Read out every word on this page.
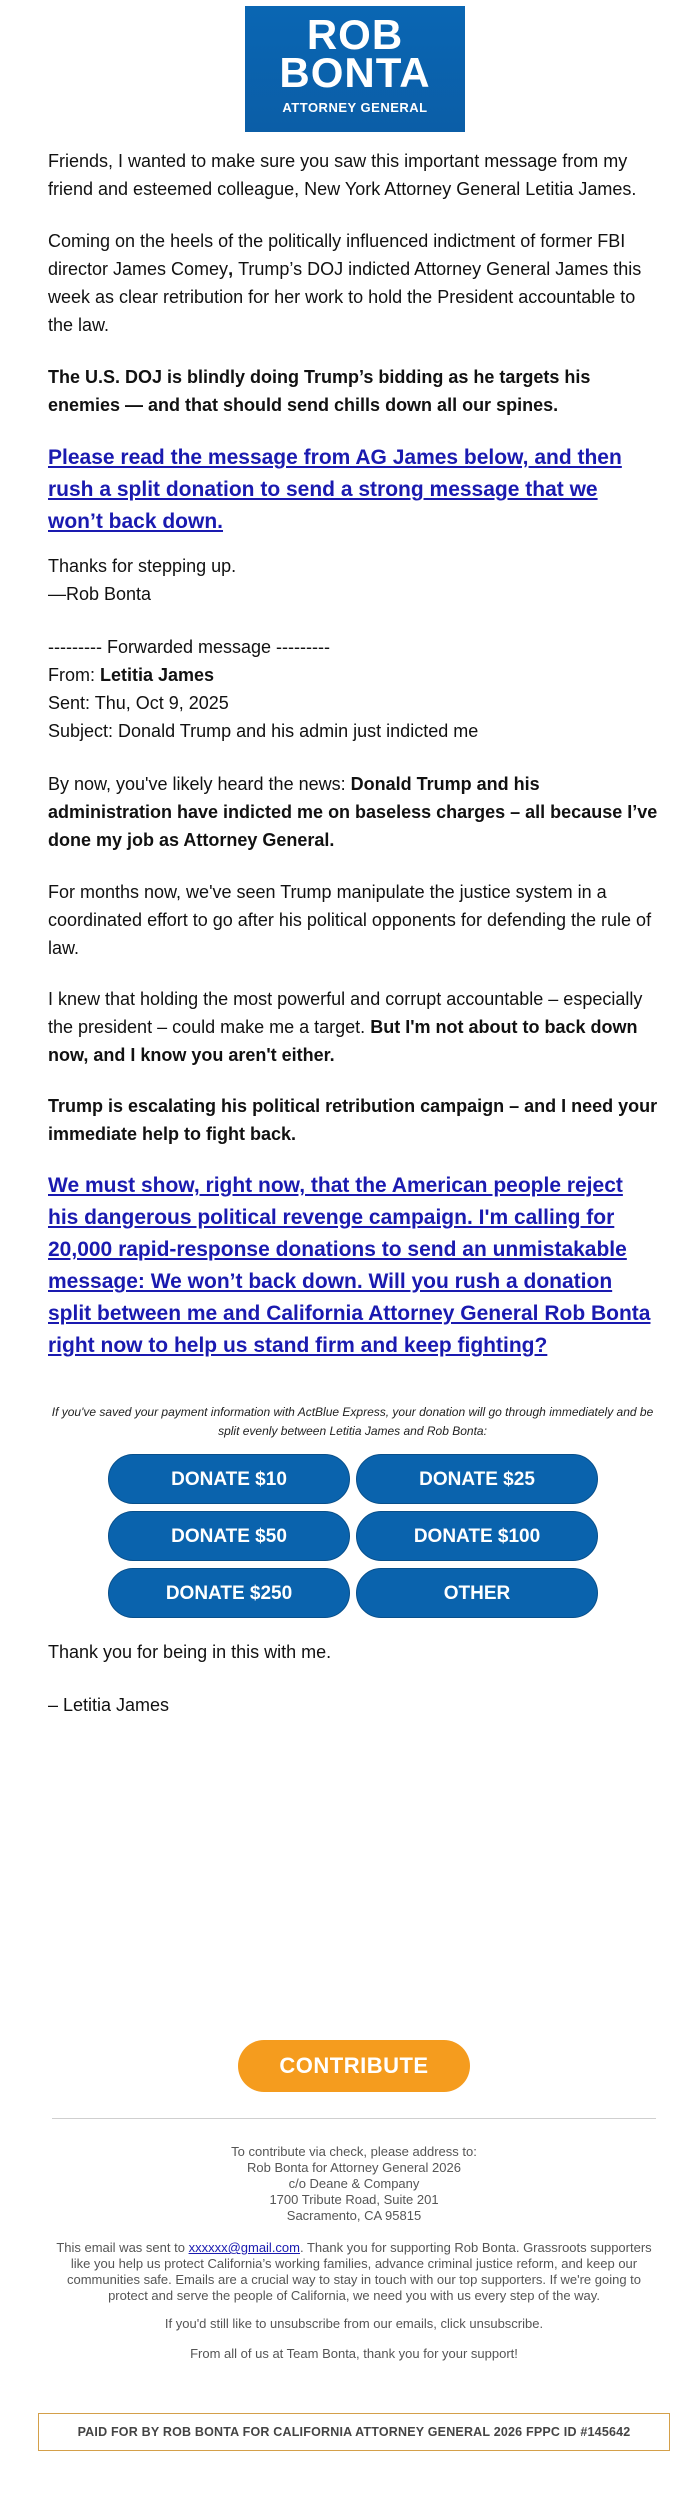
ROB
BONTA
ATTORNEY GENERAL

Friends, I wanted to make sure you saw this important message from my friend and esteemed colleague, New York Attorney General Letitia James.

Coming on the heels of the politically influenced indictment of former FBI director James Comey, Trump’s DOJ indicted Attorney General James this week as clear retribution for her work to hold the President accountable to the law.

The U.S. DOJ is blindly doing Trump’s bidding as he targets his enemies — and that should send chills down all our spines.

Please read the message from AG James below, and then rush a split donation to send a strong message that we won’t back down.

Thanks for stepping up.

—Rob Bonta

--------- Forwarded message ---------

From: Letitia James

Sent: Thu, Oct 9, 2025

Subject: Donald Trump and his admin just indicted me

By now, you've likely heard the news: Donald Trump and his administration have indicted me on baseless charges – all because I’ve done my job as Attorney General.

For months now, we've seen Trump manipulate the justice system in a coordinated effort to go after his political opponents for defending the rule of law.

I knew that holding the most powerful and corrupt accountable – especially the president – could make me a target. But I'm not about to back down now, and I know you aren't either.

Trump is escalating his political retribution campaign – and I need your immediate help to fight back.

We must show, right now, that the American people reject his dangerous political revenge campaign. I'm calling for 20,000 rapid-response donations to send an unmistakable message: We won’t back down. Will you rush a donation split between me and California Attorney General Rob Bonta right now to help us stand firm and keep fighting?

If you've saved your payment information with ActBlue Express, your donation will go through immediately and be split evenly between Letitia James and Rob Bonta:

DONATE $10	DONATE $25
DONATE $50	DONATE $100
DONATE $250	OTHER

Thank you for being in this with me.

– Letitia James

CONTRIBUTE
To contribute via check, please address to:
Rob Bonta for Attorney General 2026
c/o Deane & Company
1700 Tribute Road, Suite 201
Sacramento, CA 95815
This email was sent to xxxxxx@gmail.com. Thank you for supporting Rob Bonta. Grassroots supporters like you help us protect California’s working families, advance criminal justice reform, and keep our communities safe. Emails are a crucial way to stay in touch with our top supporters. If we're going to protect and serve the people of California, we need you with us every step of the way.
If you'd still like to unsubscribe from our emails, click unsubscribe.
From all of us at Team Bonta, thank you for your support!
PAID FOR BY ROB BONTA FOR CALIFORNIA ATTORNEY GENERAL 2026 FPPC ID #145642
